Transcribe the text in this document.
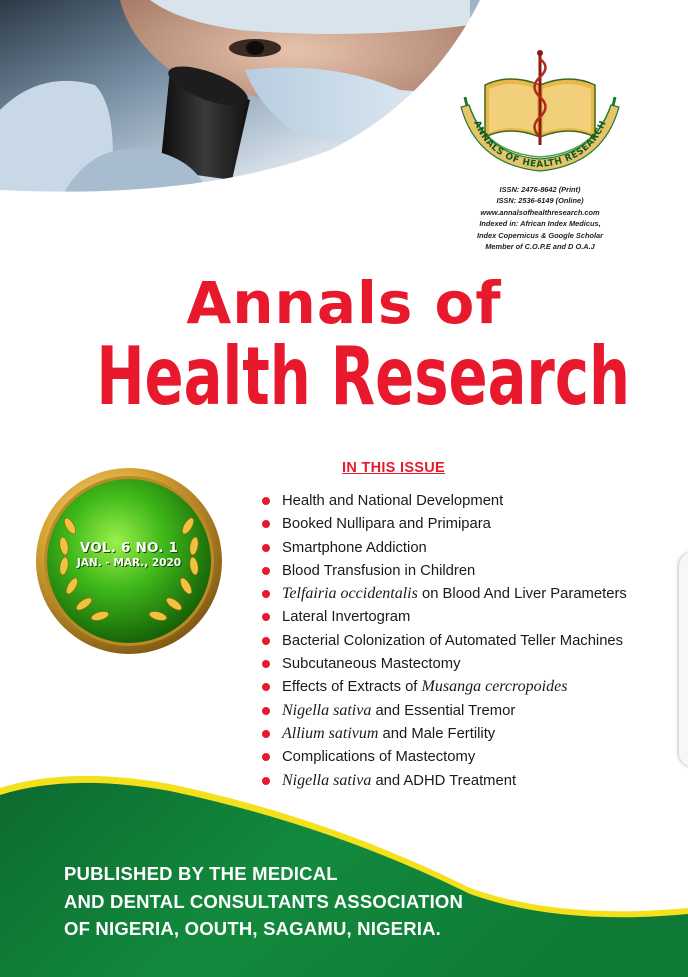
ANNALS OF HEALTH RESEARCH
ISSN: 2476-8642 (Print)
ISSN: 2536-6149 (Online)
www.annalsofhealthresearch.com
Indexed in: African Index Medicus,
Index Copernicus & Google Scholar
Member of C.O.P.E and D O.A.J
Annals of
Health Research
VOL. 6 NO. 1
JAN. - MAR., 2020
IN THIS ISSUE
Health and National Development
Booked Nullipara and Primipara
Smartphone Addiction
Blood Transfusion in Children
Telfairia occidentalis on Blood And Liver Parameters
Lateral Invertogram
Bacterial Colonization of Automated Teller Machines
Subcutaneous Mastectomy
Effects of Extracts of Musanga cercropoides
Nigella sativa and Essential Tremor
Allium sativum and Male Fertility
Complications of Mastectomy
Nigella sativa and ADHD Treatment
PUBLISHED BY THE MEDICAL
AND DENTAL CONSULTANTS ASSOCIATION
OF NIGERIA, OOUTH, SAGAMU, NIGERIA.
